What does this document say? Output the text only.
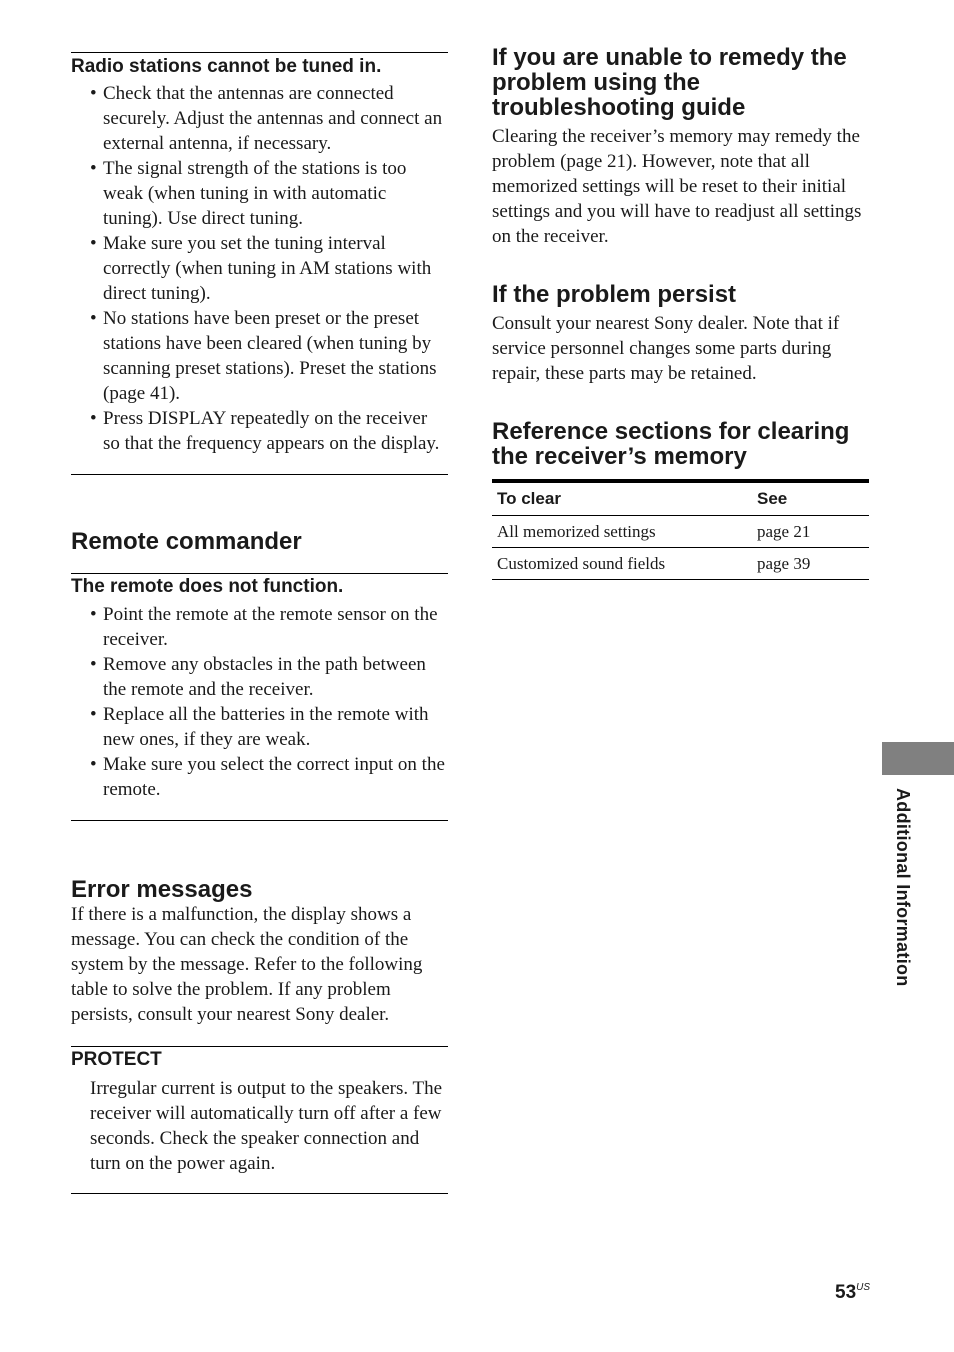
Radio stations cannot be tuned in.
• Check that the antennas are connected securely. Adjust the antennas and connect an external antenna, if necessary.
• The signal strength of the stations is too weak (when tuning in with automatic tuning). Use direct tuning.
• Make sure you set the tuning interval correctly (when tuning in AM stations with direct tuning).
• No stations have been preset or the preset stations have been cleared (when tuning by scanning preset stations). Preset the stations (page 41).
• Press DISPLAY repeatedly on the receiver so that the frequency appears on the display.
Remote commander
The remote does not function.
• Point the remote at the remote sensor on the receiver.
• Remove any obstacles in the path between the remote and the receiver.
• Replace all the batteries in the remote with new ones, if they are weak.
• Make sure you select the correct input on the remote.
Error messages

If there is a malfunction, the display shows a message. You can check the condition of the system by the message. Refer to the following table to solve the problem. If any problem persists, consult your nearest Sony dealer.

PROTECT

Irregular current is output to the speakers. The receiver will automatically turn off after a few seconds. Check the speaker connection and turn on the power again.

If you are unable to remedy the problem using the troubleshooting guide

Clearing the receiver’s memory may remedy the problem (page 21). However, note that all memorized settings will be reset to their initial settings and you will have to readjust all settings on the receiver.

If the problem persist

Consult your nearest Sony dealer. Note that if service personnel changes some parts during repair, these parts may be retained.

Reference sections for clearing the receiver’s memory
To clear	See
All memorized settings	page 21
Customized sound fields	page 39
Additional Information
$53^{US}$
